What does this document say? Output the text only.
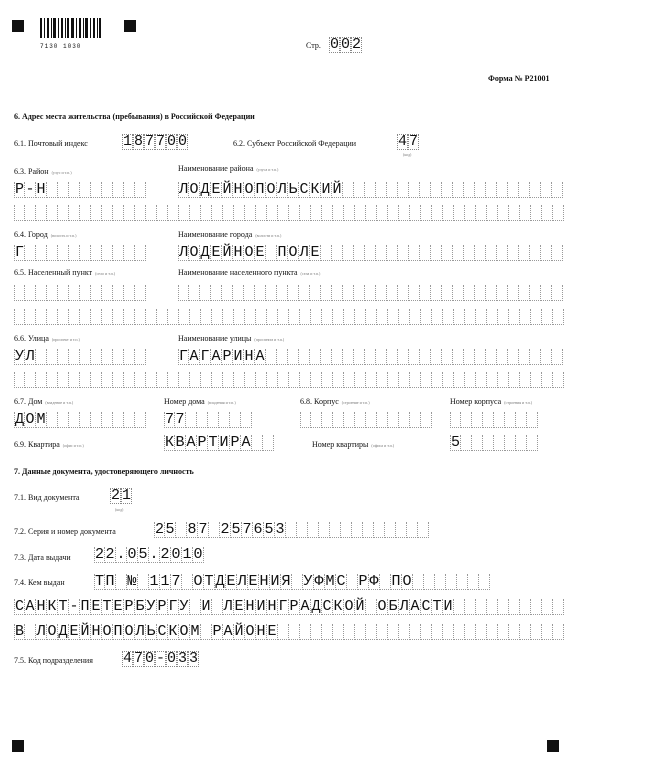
7130 1030	Стр. 0 0 2
Форма № Р21001
6. Адрес места жительства (пребывания) в Российской Федерации
6.1. Почтовый индекс 1 8 7 7 0 0	6.2. Субъект Российской Федерации	4 7
(код)
6.3. Район (улус и т.п.)	Наименование района (улуса и т.п.)
Р - Н	Л О Д Е Й Н О П О Л Ь С К И Й
6.4. Город (волость и т.п.)	Наименование города (волости и т.п.)
Г	Л О Д Е Й Н О Е П О Л Е
6.5. Населенный пункт (село и т.п.)	Наименование населенного пункта (села и т.п.)
6.6. Улица (проспект и т.п.)	Наименование улицы (проспекта и т.п.)
У Л	Г А Г А Р И Н А
6.7. Дом (владение и т.п.)	Номер дома (владения и т.п.)	6.8. Корпус (строение и т.п.)	Номер корпуса (строения и т.п.)
Д О М	7 7
6.9. Квартира (офис и т.п.)	К В А Р Т И Р А	Номер квартиры (офиса и т.п.)	5
7. Данные документа, удостоверяющего личность
7.1. Вид документа 2 1
(код)
7.2. Серия и номер документа	2 5 8 7 2 5 7 6 5 3
7.3. Дата выдачи 2 2 . 0 5 . 2 0 1 0
7.4. Кем выдан Т П № 1 1 7 О Т Д Е Л Е Н И Я У Ф М С Р Ф П О
С А Н К Т - П Е Т Е Р Б У Р Г У И Л Е Н И Н Г Р А Д С К О Й О Б Л А С Т И
В Л О Д Е Й Н О П О Л Ь С К О М Р А Й О Н Е
7.5. Код подразделения 4 7 0 - 0 3 3
